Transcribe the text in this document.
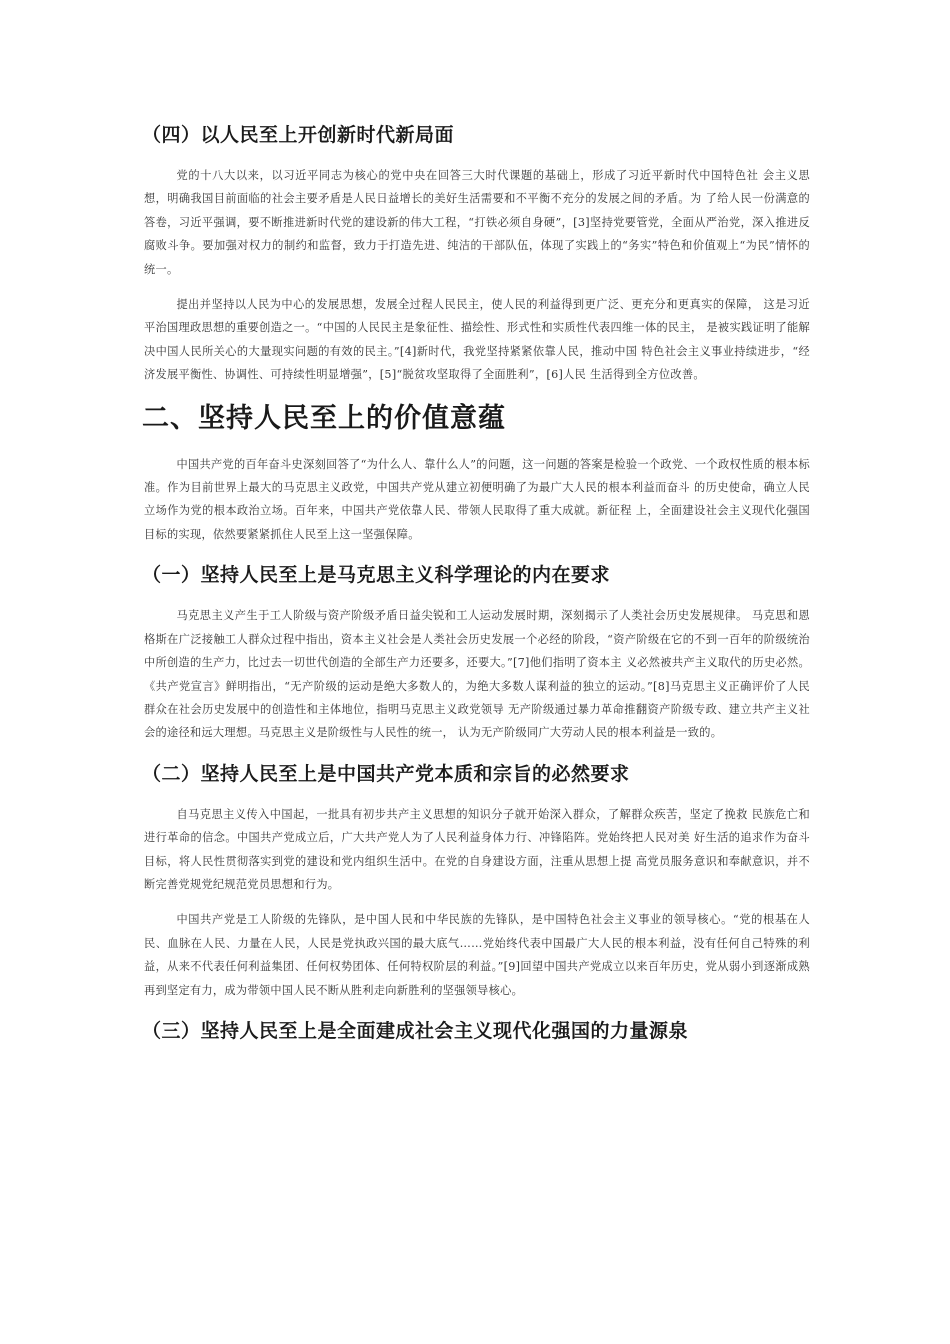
（四）以人民至上开创新时代新局面

党的十八大以来，以习近平同志为核心的党中央在回答三大时代课题的基础上，形成了习近平新时代中国特色社 会主义思想，明确我国目前面临的社会主要矛盾是人民日益增长的美好生活需要和不平衡不充分的发展之间的矛盾。为 了给人民一份满意的答卷，习近平强调，要不断推进新时代党的建设新的伟大工程，“打铁必须自身硬”，[3]坚持党要管党，全面从严治党，深入推进反腐败斗争。要加强对权力的制约和监督，致力于打造先进、纯洁的干部队伍，体现了实践上的“务实”特色和价值观上“为民”情怀的统一。

提出并坚持以人民为中心的发展思想，发展全过程人民民主，使人民的利益得到更广泛、更充分和更真实的保障， 这是习近平治国理政思想的重要创造之一。“中国的人民民主是象征性、描绘性、形式性和实质性代表四维一体的民主， 是被实践证明了能解决中国人民所关心的大量现实问题的有效的民主。”[4]新时代，我党坚持紧紧依靠人民，推动中国 特色社会主义事业持续进步，“经济发展平衡性、协调性、可持续性明显增强”，[5]“脱贫攻坚取得了全面胜利”，[6]人民 生活得到全方位改善。

二、坚持人民至上的价值意蕴

中国共产党的百年奋斗史深刻回答了“为什么人、靠什么人”的问题，这一问题的答案是检验一个政党、一个政权性质的根本标准。作为目前世界上最大的马克思主义政党，中国共产党从建立初便明确了为最广大人民的根本利益而奋斗 的历史使命，确立人民立场作为党的根本政治立场。百年来，中国共产党依靠人民、带领人民取得了重大成就。新征程 上，全面建设社会主义现代化强国目标的实现，依然要紧紧抓住人民至上这一坚强保障。

（一）坚持人民至上是马克思主义科学理论的内在要求

马克思主义产生于工人阶级与资产阶级矛盾日益尖锐和工人运动发展时期，深刻揭示了人类社会历史发展规律。 马克思和恩格斯在广泛接触工人群众过程中指出，资本主义社会是人类社会历史发展一个必经的阶段，“资产阶级在它的不到一百年的阶级统治中所创造的生产力，比过去一切世代创造的全部生产力还要多，还要大。”[7]他们指明了资本主 义必然被共产主义取代的历史必然。《共产党宣言》鲜明指出，“无产阶级的运动是绝大多数人的，为绝大多数人谋利益的独立的运动。”[8]马克思主义正确评价了人民群众在社会历史发展中的创造性和主体地位，指明马克思主义政党领导 无产阶级通过暴力革命推翻资产阶级专政、建立共产主义社会的途径和远大理想。马克思主义是阶级性与人民性的统一， 认为无产阶级同广大劳动人民的根本利益是一致的。

（二）坚持人民至上是中国共产党本质和宗旨的必然要求

自马克思主义传入中国起，一批具有初步共产主义思想的知识分子就开始深入群众，了解群众疾苦，坚定了挽救 民族危亡和进行革命的信念。中国共产党成立后，广大共产党人为了人民利益身体力行、冲锋陷阵。党始终把人民对美 好生活的追求作为奋斗目标，将人民性贯彻落实到党的建设和党内组织生活中。在党的自身建设方面，注重从思想上提 高党员服务意识和奉献意识，并不断完善党规党纪规范党员思想和行为。

中国共产党是工人阶级的先锋队，是中国人民和中华民族的先锋队，是中国特色社会主义事业的领导核心。“党的根基在人民、血脉在人民、力量在人民，人民是党执政兴国的最大底气……党始终代表中国最广大人民的根本利益，没有任何自己特殊的利益，从来不代表任何利益集团、任何权势团体、任何特权阶层的利益。”[9]回望中国共产党成立以来百年历史，党从弱小到逐渐成熟再到坚定有力，成为带领中国人民不断从胜利走向新胜利的坚强领导核心。

（三）坚持人民至上是全面建成社会主义现代化强国的力量源泉
